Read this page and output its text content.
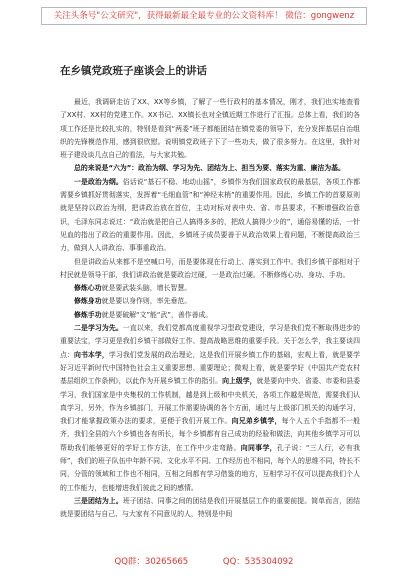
关注头条号"公文研究"，获得最新最全最专业的公文资料库！ 微信：gongwenz
在乡镇党政班子座谈会上的讲话

最近，我调研走访了XX、XX等乡镇，了解了一些行政村的基本情况，刚才，我们也实地查看了XX村、XX村的党建工作。XX书记、XX镇长也对全镇近期工作进行了汇报。总体上看，我们的各项工作还是比较扎实的，特别是看到“两委”班子都能团结在镇党委的领导下，充分发挥基层自治组织的先锋模范作用，感到很欣慰。说明镇党政班子下了一些功夫，做了很多努力。在这里，我针对班子建设谈几点自己的看法，与大家共勉。

总的来说是“六为”：政治为纲、学习为先、团结为上、担当为要、落实为重、廉洁为基。

一是政治为纲。俗话说“基石不稳、地动山摇”，乡镇作为我们国家政权的最基层，各项工作都需要乡镇抓好贯彻落实，发挥着“毛细血管”和“神经末梢”的重要作用。因此，乡镇工作的首要原则就是坚持以政治为纲，把讲政治放在首位，主动对标对表中央、省、市县要求，不断增强政治意识，毛泽东同志说过：“政治就是把自己人搞得多多的，把敌人搞得少少的”，通俗易懂的话，一针见血的指出了政治的重要作用。因此，乡镇班子成员要善于从政治效果上看问题，不断提高政治三力，做到人人讲政治、事事重政治。

但是讲政治从来都不是空喊口号，而是要体现在行动上、落实到工作中。我们乡镇干部相对于村民就是领导干部，我们讲政治就是要政治过硬，一是政治过硬。不断修炼心功、身功、手功。

修炼心功就是要武装头脑，增长智慧。

修炼身功就是要以身作则，率先垂范。

修炼手功就是要破解“文”能“武”，善作善成。

二是学习为先。一直以来，我们党都高度重视学习型政党建设，学习是我们党不断取得进步的重要法宝，学习更是我们乡镇干部做好工作、提高战略思维的重要手段。关于怎么学，我主要谈四点：向书本学，学习我们党发展的政治理论，这是我们开展乡镇工作的基础，宏观上看，就是要学好习近平新时代中国特色社会主义重要思想、重要理论；微观上看，就是要学好《中国共产党农村基层组织工作条例》，以此作为开展乡镇工作的指引。向上级学，就是要向中央、省委、市委和县委学习，我们国家是中央集权的工作机制，越是到上级和中央机关，各项工作越是规范，需要我们认真学习，另外，作为乡镇部门，开展工作需要协调的各个方面，通过与上级部门机关的沟通学习，我们才能掌握政策办法的要求，更便于我们开展工作。向兄弟乡镇学，每个人五个手指都不一般齐，我们全县的六个乡镇也各有所长，每个乡镇都有自己成功的经验和做法，向其他乡镇学习可以帮助我们能够更好的学好工作方法，在工作中少走弯路。向同事学，孔子说：“三人行，必有我师”，我们的班子队伍中年龄不同、文化水平不同、工作经历也不相同，每个人的思维不同，特长不同，分管的领域和工作也不相同，互相之间都有学习借鉴的地方，互相学习不仅可以提高我们个人的工作能力，也能增进我们彼此之间的感情。

三是团结为上。班子团结、同事之间的团结是我们开展基层工作的重要前提。简单而言，团结就是要团结与自己、与大家有不同意见的人，特别是中间

QQ群：30265665	QQ：535304092
